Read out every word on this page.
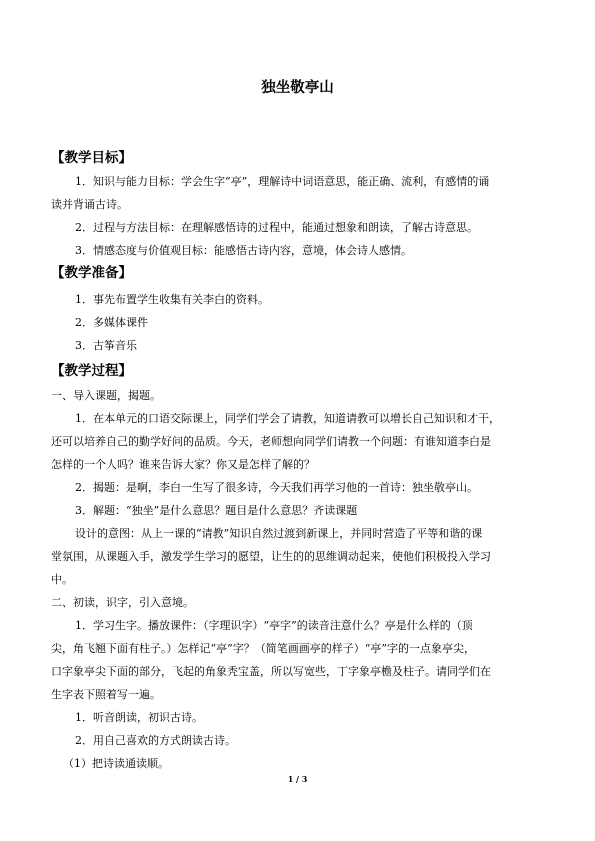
独坐敬亭山
【教学目标】

1．知识与能力目标：学会生字“亭”，理解诗中词语意思，能正确、流利，有感情的诵

读并背诵古诗。

2．过程与方法目标：在理解感悟诗的过程中，能通过想象和朗读，了解古诗意思。

3．情感态度与价值观目标：能感悟古诗内容，意境，体会诗人感情。

【教学准备】

1．事先布置学生收集有关李白的资料。

2．多媒体课件

3．古筝音乐

【教学过程】

一、导入课题，揭题。

1．在本单元的口语交际课上，同学们学会了请教，知道请教可以增长自己知识和才干，

还可以培养自己的勤学好问的品质。今天，老师想向同学们请教一个问题：有谁知道李白是

怎样的一个人吗？谁来告诉大家？你又是怎样了解的？

2．揭题：是啊，李白一生写了很多诗，今天我们再学习他的一首诗：独坐敬亭山。

3．解题：“独坐”是什么意思？题目是什么意思？齐读课题

设计的意图：从上一课的“请教”知识自然过渡到新课上，并同时营造了平等和谐的课

堂氛围，从课题入手，激发学生学习的愿望，让生的的思维调动起来，使他们积极投入学习

中。

二、初读，识字，引入意境。

1．学习生字。播放课件：（字理识字）“亭字”的读音注意什么？亭是什么样的（顶

尖，角飞翘下面有柱子。）怎样记“亭”字？（简笔画画亭的样子）“亭”字的一点象亭尖，

口字象亭尖下面的部分，飞起的角象秃宝盖，所以写宽些，丁字象亭檐及柱子。请同学们在

生字表下照着写一遍。

1．听音朗读，初识古诗。

2．用自己喜欢的方式朗读古诗。

（1）把诗读通读顺。

1 / 3
